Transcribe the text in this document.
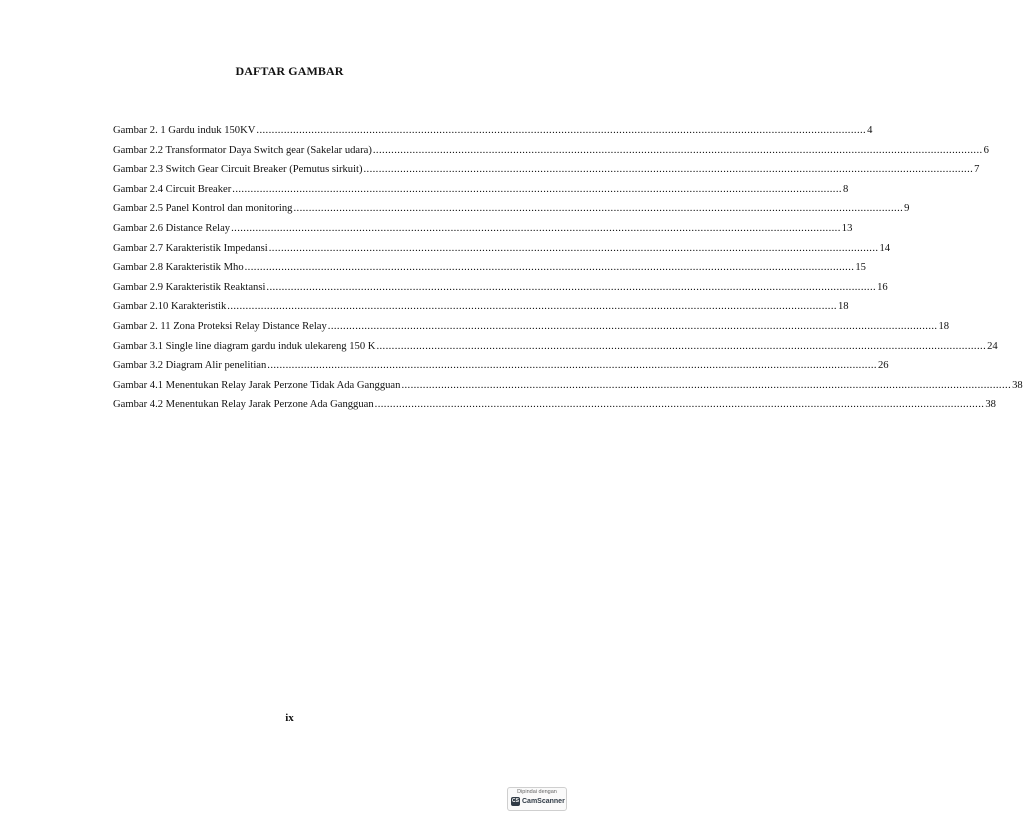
DAFTAR GAMBAR
Gambar 2. 1 Gardu induk 150KV ........................................................................................................................................................................................................ 4
Gambar 2.2 Transformator Daya Switch gear (Sakelar udara) ........................................................................................................................................................................................................ 6
Gambar 2.3 Switch Gear Circuit Breaker (Pemutus sirkuit) ........................................................................................................................................................................................................ 7
Gambar 2.4 Circuit Breaker ........................................................................................................................................................................................................ 8
Gambar 2.5 Panel Kontrol dan monitoring ........................................................................................................................................................................................................ 9
Gambar 2.6 Distance Relay ........................................................................................................................................................................................................ 13
Gambar 2.7 Karakteristik Impedansi ........................................................................................................................................................................................................ 14
Gambar 2.8 Karakteristik Mho ........................................................................................................................................................................................................ 15
Gambar 2.9 Karakteristik Reaktansi ........................................................................................................................................................................................................ 16
Gambar 2.10 Karakteristik ........................................................................................................................................................................................................ 18
Gambar 2. 11 Zona Proteksi Relay Distance Relay ........................................................................................................................................................................................................ 18
Gambar 3.1 Single line diagram gardu induk ulekareng 150 K ........................................................................................................................................................................................................ 24
Gambar 3.2 Diagram Alir penelitian ........................................................................................................................................................................................................ 26
Gambar 4.1 Menentukan Relay Jarak Perzone Tidak Ada Gangguan ........................................................................................................................................................................................................ 38
Gambar 4.2 Menentukan Relay Jarak Perzone Ada Gangguan ........................................................................................................................................................................................................ 38
ix
Dipindai dengan
CS CamScanner
